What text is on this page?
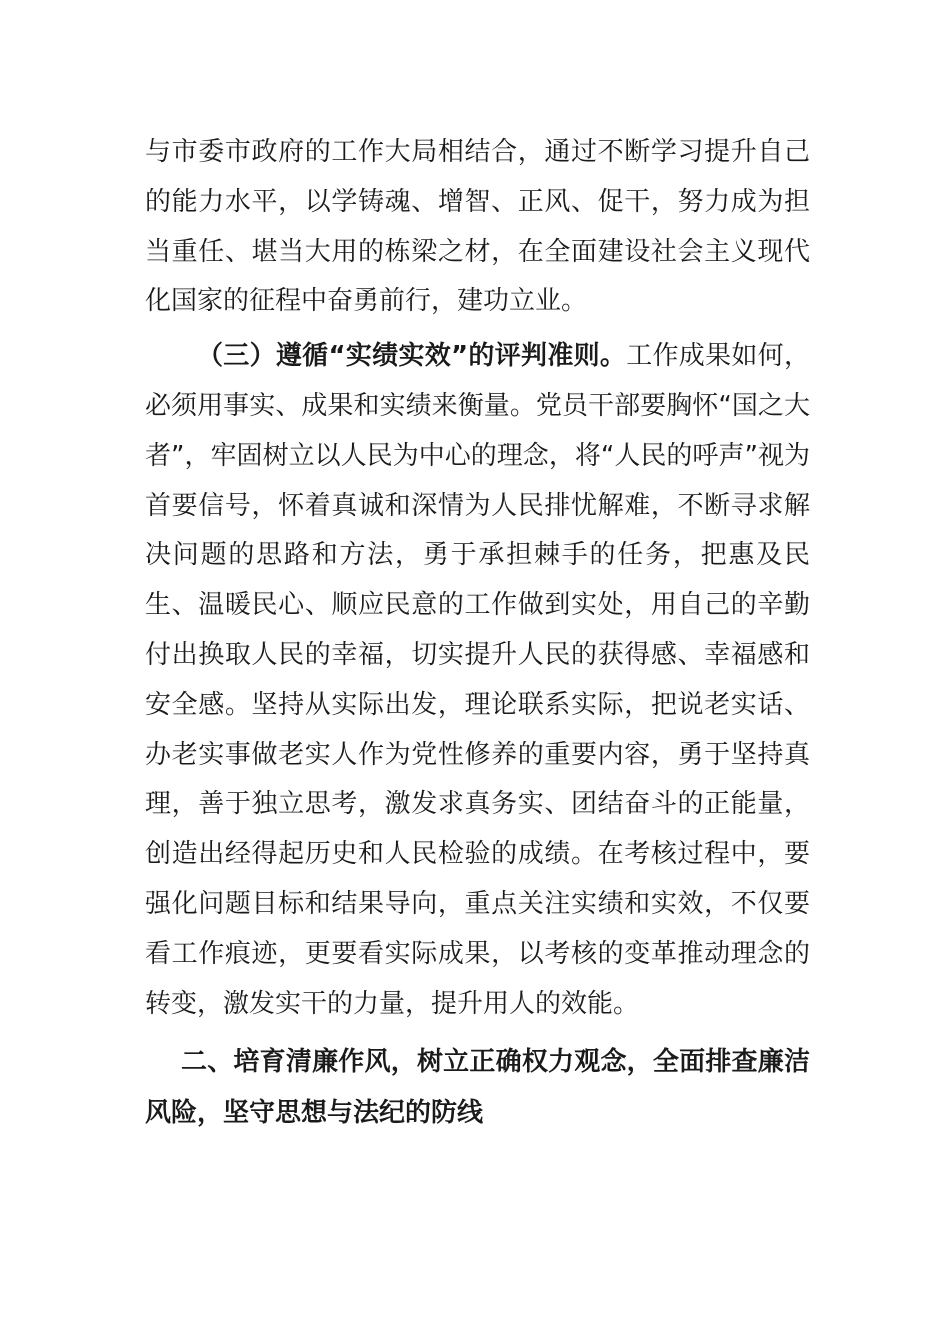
与市委市政府的工作大局相结合，通过不断学习提升自己的能力水平，以学铸魂、增智、正风、促干，努力成为担当重任、堪当大用的栋梁之材，在全面建设社会主义现代化国家的征程中奋勇前行，建功立业。

（三）遵循“实绩实效”的评判准则。工作成果如何，必须用事实、成果和实绩来衡量。党员干部要胸怀“国之大者”，牢固树立以人民为中心的理念，将“人民的呼声”视为首要信号，怀着真诚和深情为人民排忧解难，不断寻求解决问题的思路和方法，勇于承担棘手的任务，把惠及民生、温暖民心、顺应民意的工作做到实处，用自己的辛勤付出换取人民的幸福，切实提升人民的获得感、幸福感和安全感。坚持从实际出发，理论联系实际，把说老实话、办老实事做老实人作为党性修养的重要内容，勇于坚持真理，善于独立思考，激发求真务实、团结奋斗的正能量，创造出经得起历史和人民检验的成绩。在考核过程中，要强化问题目标和结果导向，重点关注实绩和实效，不仅要看工作痕迹，更要看实际成果，以考核的变革推动理念的转变，激发实干的力量，提升用人的效能。

二、培育清廉作风，树立正确权力观念，全面排查廉洁风险，坚守思想与法纪的防线
